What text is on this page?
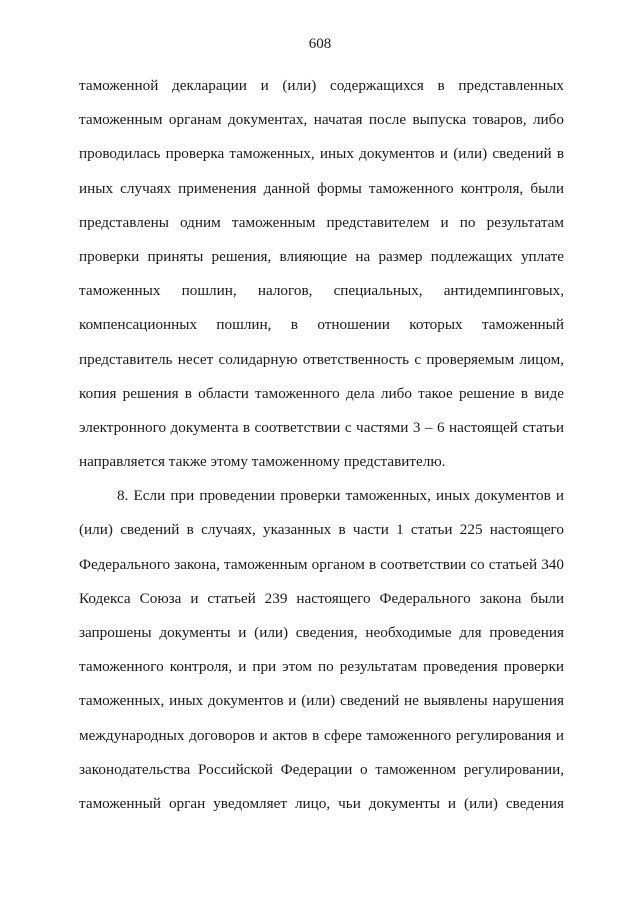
608
таможенной декларации и (или) содержащихся в представленных
таможенным органам документах, начатая после выпуска товаров, либо
проводилась проверка таможенных, иных документов и (или) сведений в
иных случаях применения данной формы таможенного контроля, были
представлены одним таможенным представителем и по результатам
проверки приняты решения, влияющие на размер подлежащих уплате
таможенных пошлин, налогов, специальных, антидемпинговых,
компенсационных пошлин, в отношении которых таможенный
представитель несет солидарную ответственность с проверяемым лицом,
копия решения в области таможенного дела либо такое решение в виде
электронного документа в соответствии с частями 3 – 6 настоящей статьи
направляется также этому таможенному представителю.
8. Если при проведении проверки таможенных, иных документов и
(или) сведений в случаях, указанных в части 1 статьи 225 настоящего
Федерального закона, таможенным органом в соответствии со статьей 340
Кодекса Союза и статьей 239 настоящего Федерального закона были
запрошены документы и (или) сведения, необходимые для проведения
таможенного контроля, и при этом по результатам проведения проверки
таможенных, иных документов и (или) сведений не выявлены нарушения
международных договоров и актов в сфере таможенного регулирования и
законодательства Российской Федерации о таможенном регулировании,
таможенный орган уведомляет лицо, чьи документы и (или) сведения
